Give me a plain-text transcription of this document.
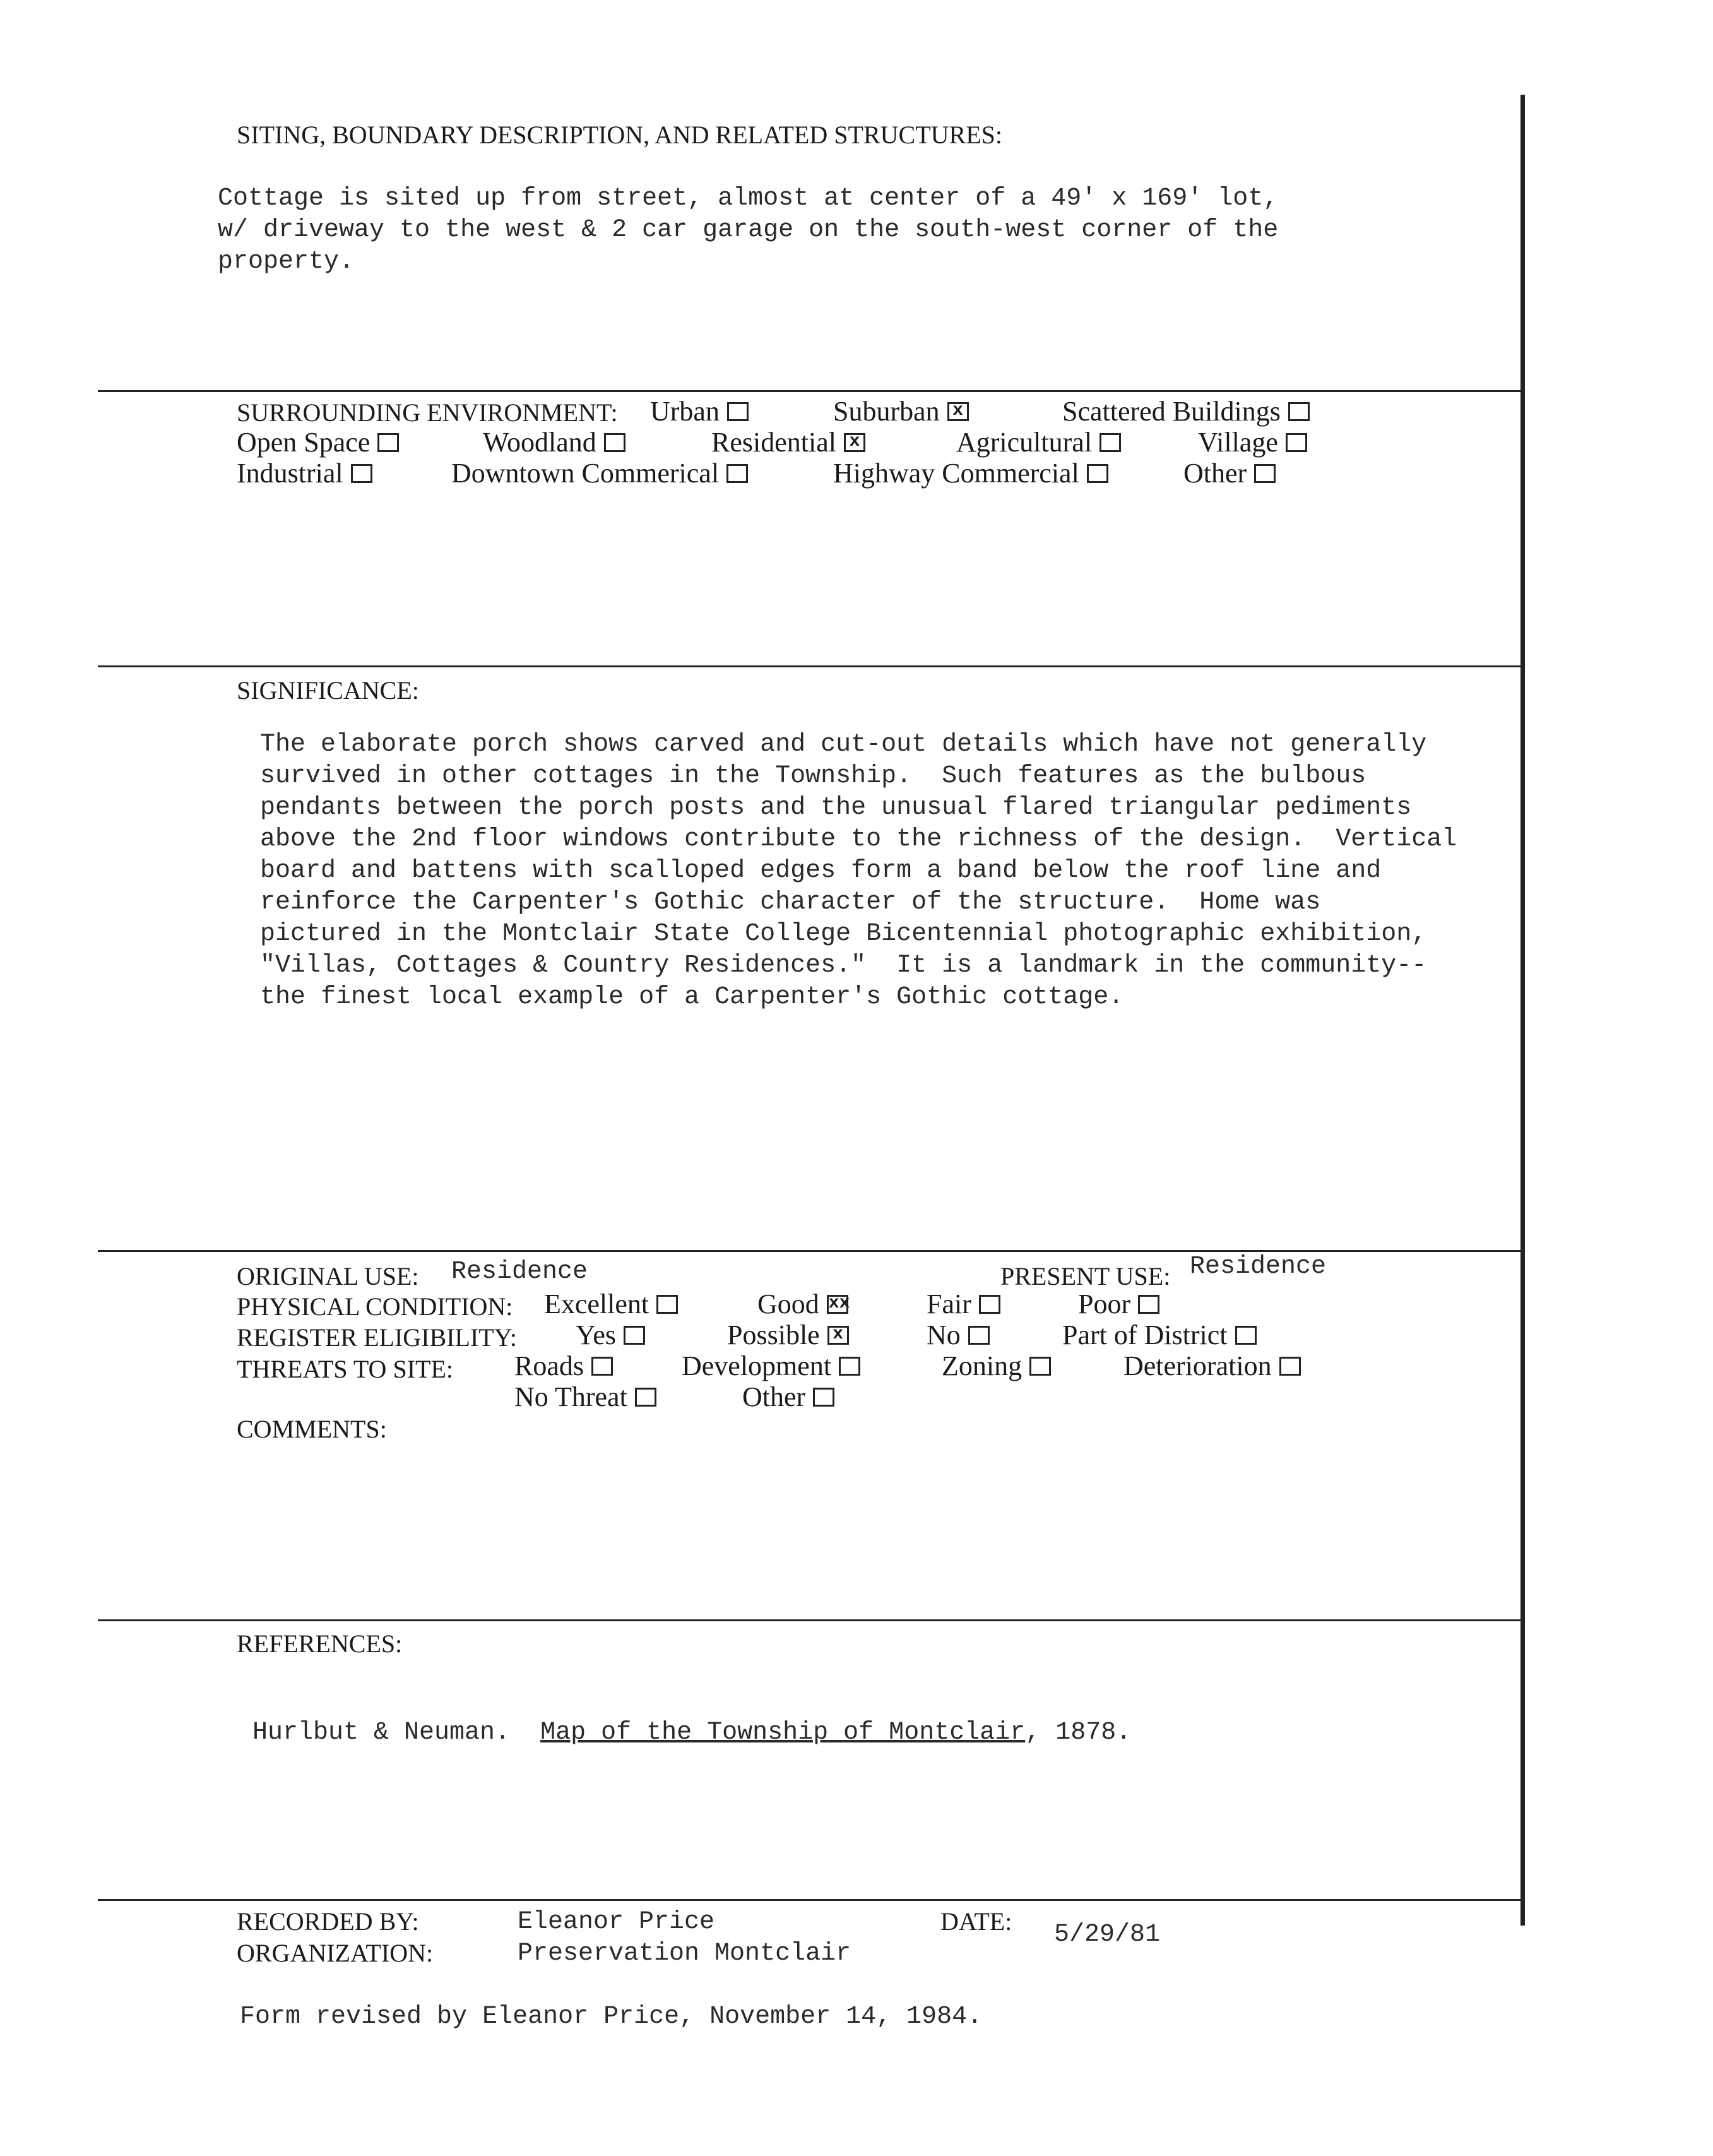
SITING, BOUNDARY DESCRIPTION, AND RELATED STRUCTURES:
Cottage is sited up from street, almost at center of a 49' x 169' lot,
w/ driveway to the west & 2 car garage on the south-west corner of the
property.
SURROUNDING ENVIRONMENT: Urban	Suburban x	Scattered Buildings
Open Space	Woodland	Residential x	Agricultural	Village
Industrial	Downtown Commerical	Highway Commercial	Other
SIGNIFICANCE:
The elaborate porch shows carved and cut-out details which have not generally
survived in other cottages in the Township.  Such features as the bulbous
pendants between the porch posts and the unusual flared triangular pediments
above the 2nd floor windows contribute to the richness of the design.  Vertical
board and battens with scalloped edges form a band below the roof line and
reinforce the Carpenter's Gothic character of the structure.  Home was
pictured in the Montclair State College Bicentennial photographic exhibition,
"Villas, Cottages & Country Residences."  It is a landmark in the community--
the finest local example of a Carpenter's Gothic cottage.
ORIGINAL USE: Residence	PRESENT USE: Residence
PHYSICAL CONDITION: Excellent	Good xx	Fair	Poor
REGISTER ELIGIBILITY: Yes	Possible x	No	Part of District
THREATS TO SITE: Roads	Development	Zoning	Deterioration
No Threat	Other
COMMENTS:
REFERENCES:
Hurlbut & Neuman. Map of the Township of Montclair, 1878.
RECORDED BY:	Eleanor Price
ORGANIZATION:	Preservation Montclair
DATE: 5/29/81
Form revised by Eleanor Price, November 14, 1984.
